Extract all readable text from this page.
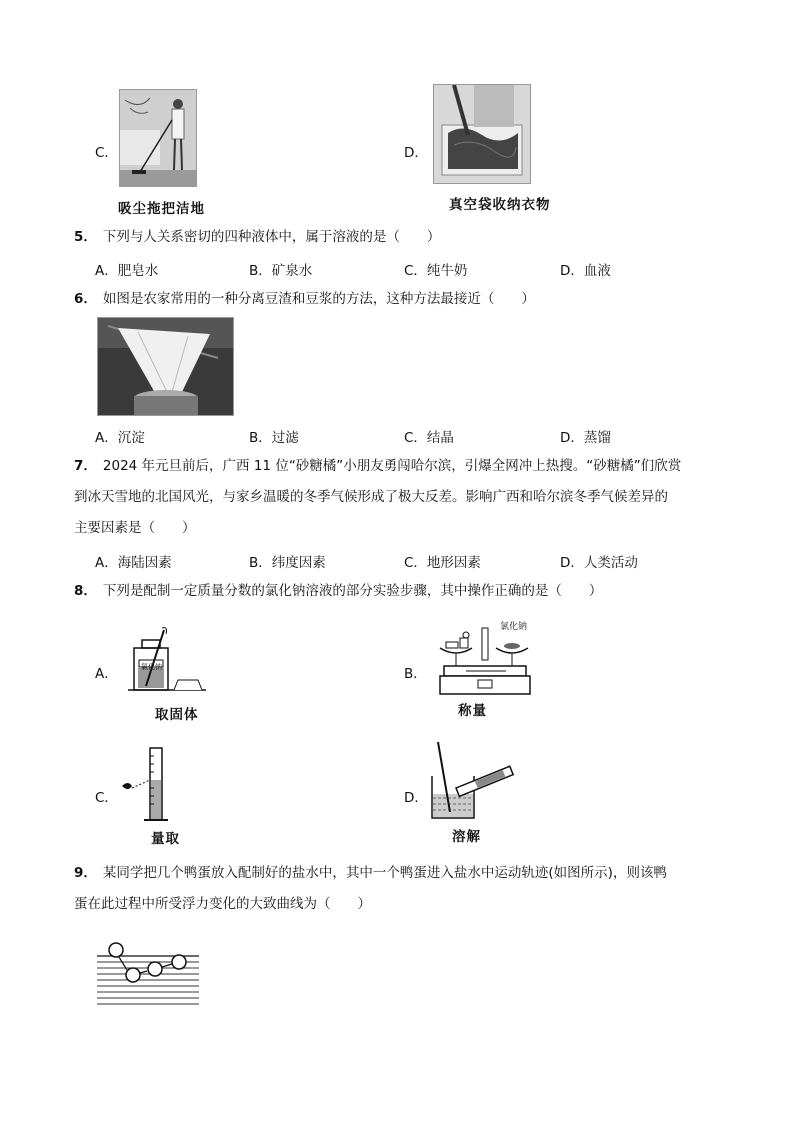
C．
吸尘拖把洁地
D．
真空袋收纳衣物
5． 下列与人关系密切的四种液体中，属于溶液的是（　　）
A．肥皂水	B．矿泉水	C．纯牛奶	D．血液
6． 如图是农家常用的一种分离豆渣和豆浆的方法，这种方法最接近（　　）
A．沉淀	B．过滤	C．结晶	D．蒸馏
7． 2024 年元旦前后，广西 11 位“砂糖橘”小朋友勇闯哈尔滨，引爆全网冲上热搜。“砂糖橘”们欣赏
到冰天雪地的北国风光，与家乡温暖的冬季气候形成了极大反差。影响广西和哈尔滨冬季气候差异的
主要因素是（　　）
A．海陆因素	B．纬度因素	C．地形因素	D．人类活动
8． 下列是配制一定质量分数的氯化钠溶液的部分实验步骤，其中操作正确的是（　　）
A．	氯化钠
取固体
B．
氯化钠
称量
C．
量取
D．
溶解
9． 某同学把几个鸭蛋放入配制好的盐水中，其中一个鸭蛋进入盐水中运动轨迹(如图所示)，则该鸭
蛋在此过程中所受浮力变化的大致曲线为（　　）
